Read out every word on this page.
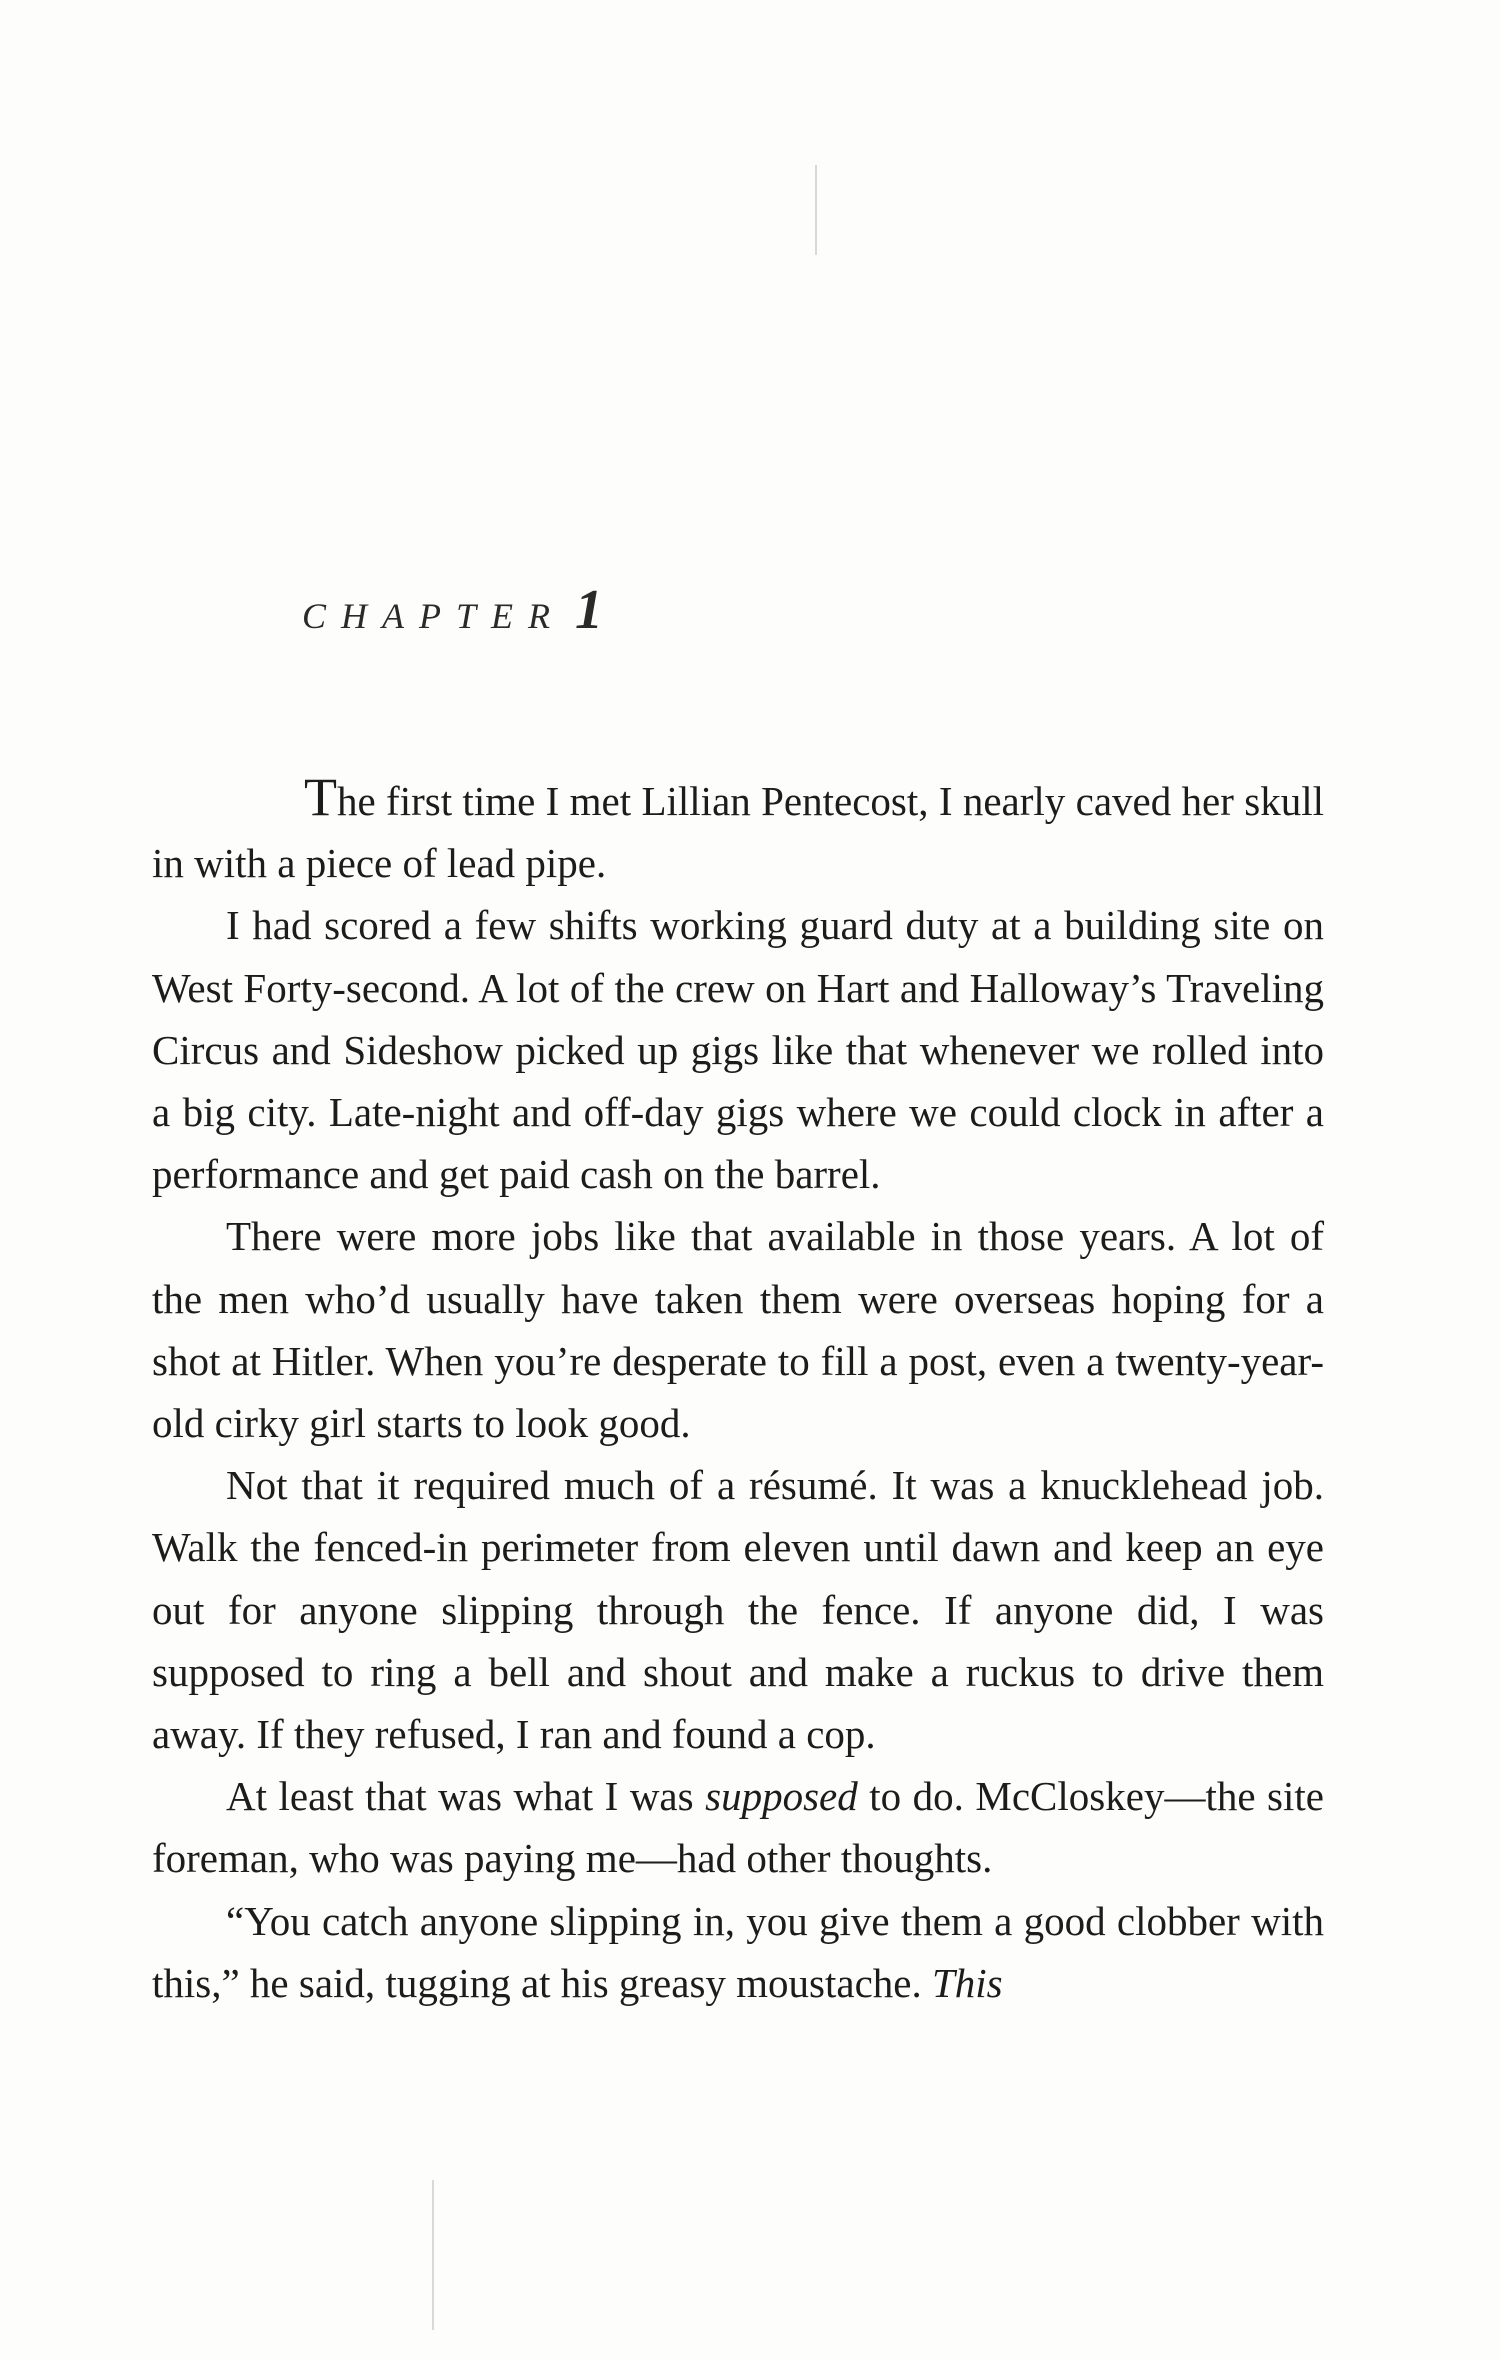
CHAPTER 1

The first time I met Lillian Pentecost, I nearly caved her skull in with a piece of lead pipe.

I had scored a few shifts working guard duty at a building site on West Forty-second. A lot of the crew on Hart and Halloway’s Traveling Circus and Sideshow picked up gigs like that whenever we rolled into a big city. Late-night and off-day gigs where we could clock in after a performance and get paid cash on the barrel.

There were more jobs like that available in those years. A lot of the men who’d usually have taken them were overseas hoping for a shot at Hitler. When you’re desperate to fill a post, even a twenty-year-old cirky girl starts to look good.

Not that it required much of a résumé. It was a knucklehead job. Walk the fenced-in perimeter from eleven until dawn and keep an eye out for anyone slipping through the fence. If anyone did, I was supposed to ring a bell and shout and make a ruckus to drive them away. If they refused, I ran and found a cop.

At least that was what I was supposed to do. McCloskey—the site foreman, who was paying me—had other thoughts.

“You catch anyone slipping in, you give them a good clobber with this,” he said, tugging at his greasy moustache. This
